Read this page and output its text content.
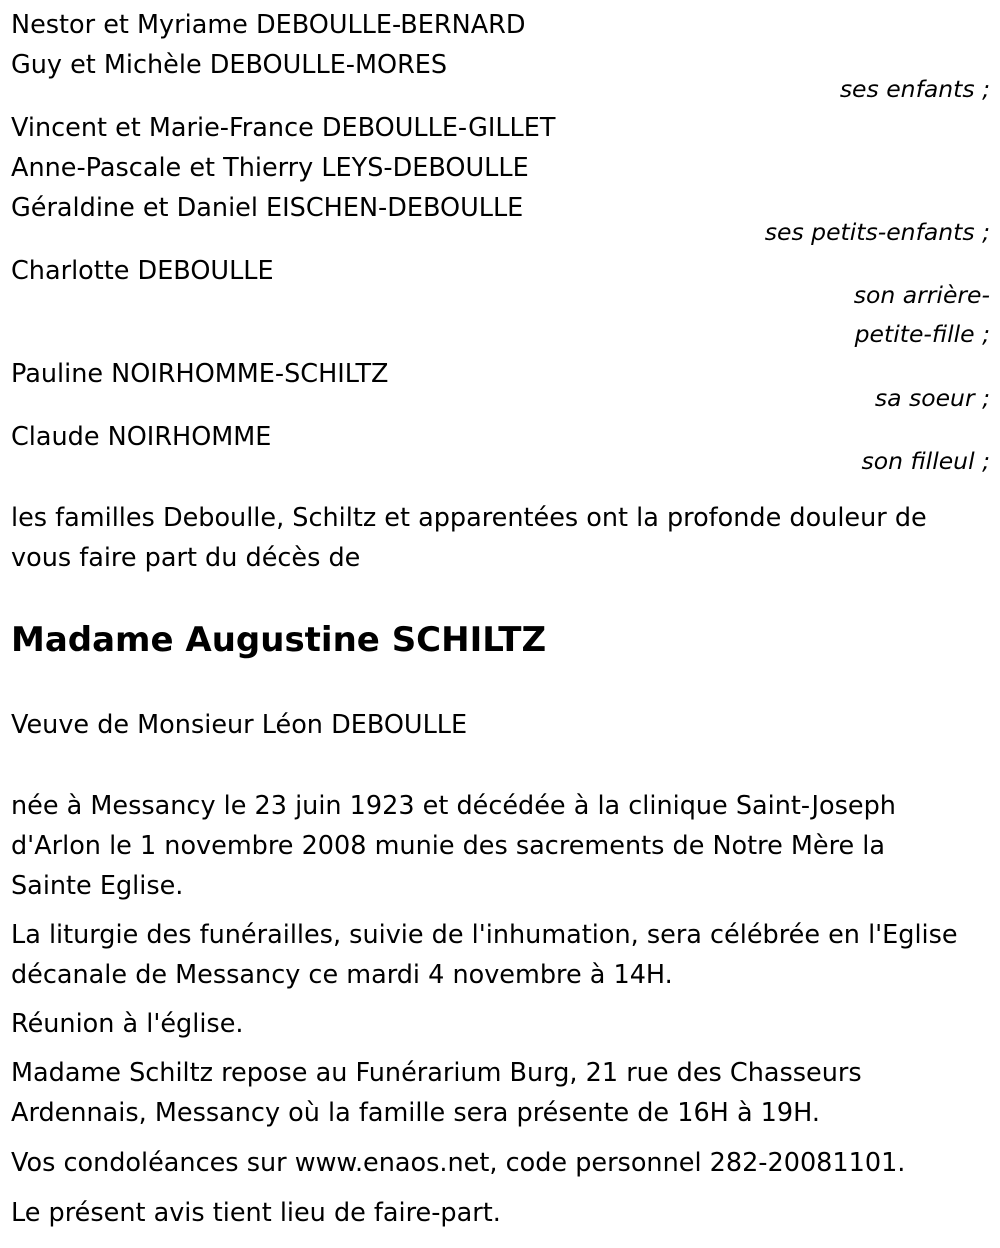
Nestor et Myriame DEBOULLE-BERNARD
Guy et Michèle DEBOULLE-MORES
ses enfants ;
Vincent et Marie-France DEBOULLE-GILLET
Anne-Pascale et Thierry LEYS-DEBOULLE
Géraldine et Daniel EISCHEN-DEBOULLE
ses petits-enfants ;
Charlotte DEBOULLE
son arrière-
petite-fille ;
Pauline NOIRHOMME-SCHILTZ
sa soeur ;
Claude NOIRHOMME
son filleul ;
les familles Deboulle, Schiltz et apparentées ont la profonde douleur de
vous faire part du décès de
Madame Augustine SCHILTZ
Veuve de Monsieur Léon DEBOULLE
née à Messancy le 23 juin 1923 et décédée à la clinique Saint-Joseph
d'Arlon le 1 novembre 2008 munie des sacrements de Notre Mère la
Sainte Eglise.
La liturgie des funérailles, suivie de l'inhumation, sera célébrée en l'Eglise
décanale de Messancy ce mardi 4 novembre à 14H.
Réunion à l'église.
Madame Schiltz repose au Funérarium Burg, 21 rue des Chasseurs
Ardennais, Messancy où la famille sera présente de 16H à 19H.
Vos condoléances sur www.enaos.net, code personnel 282-20081101.
Le présent avis tient lieu de faire-part.
